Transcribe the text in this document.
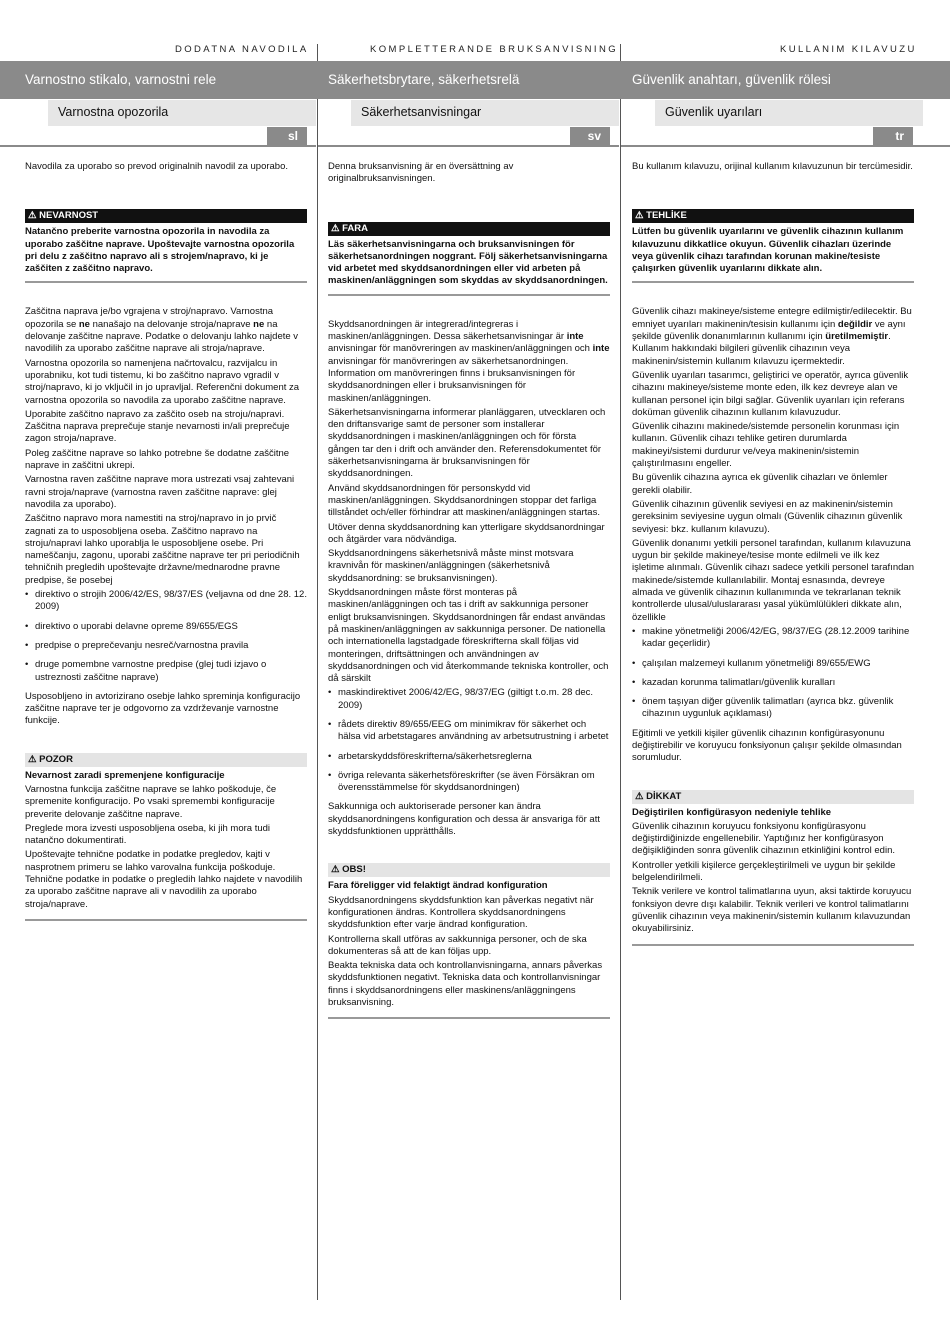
DODATNA NAVODILA	KOMPLETTERANDE BRUKSANVISNING	KULLANIM KILAVUZU
Varnostno stikalo, varnostni rele	Säkerhetsbrytare, säkerhetsrelä	Güvenlik anahtarı, güvenlik rölesi
Varnostna opozorila	Säkerhetsanvisningar	Güvenlik uyarıları
sl	sv	tr

Navodila za uporabo so prevod originalnih navodil za uporabo.

⚠ NEVARNOST
Natančno preberite varnostna opozorila in navodila za uporabo zaščitne naprave. Upoštevajte varnostna opozorila pri delu z zaščitno napravo ali s strojem/napravo, ki je zaščiten z zaščitno napravo.

Zaščitna naprava je/bo vgrajena v stroj/napravo. Varnostna opozorila se ne nanašajo na delovanje stroja/naprave ne na delovanje zaščitne naprave. Podatke o delovanju lahko najdete v navodilih za uporabo zaščitne naprave ali stroja/naprave.

Varnostna opozorila so namenjena načrtovalcu, razvijalcu in uporabniku, kot tudi tistemu, ki bo zaščitno napravo vgradil v stroj/napravo, ki jo vključil in jo upravljal. Referenčni dokument za varnostna opozorila so navodila za uporabo zaščitne naprave.

Uporabite zaščitno napravo za zaščito oseb na stroju/napravi. Zaščitna naprava preprečuje stanje nevarnosti in/ali preprečuje zagon stroja/naprave.

Poleg zaščitne naprave so lahko potrebne še dodatne zaščitne naprave in zaščitni ukrepi.

Varnostna raven zaščitne naprave mora ustrezati vsaj zahtevani ravni stroja/naprave (varnostna raven zaščitne naprave: glej navodila za uporabo).

Zaščitno napravo mora namestiti na stroj/napravo in jo prvič zagnati za to usposobljena oseba. Zaščitno napravo na stroju/napravi lahko uporablja le usposobljene osebe. Pri nameščanju, zagonu, uporabi zaščitne naprave ter pri periodičnih tehničnih pregledih upoštevajte državne/mednarodne pravne predpise, še posebej

• direktivo o strojih 2006/42/ES, 98/37/ES (veljavna od dne 28. 12. 2009)
• direktivo o uporabi delavne opreme 89/655/EGS
• predpise o preprečevanju nesreč/varnostna pravila
• druge pomembne varnostne predpise (glej tudi izjavo o ustreznosti zaščitne naprave)

Usposobljeno in avtorizirano osebje lahko spreminja konfiguracijo zaščitne naprave ter je odgovorno za vzdrževanje varnostne funkcije.

⚠ POZOR
Nevarnost zaradi spremenjene konfiguracije

Varnostna funkcija zaščitne naprave se lahko poškoduje, če spremenite konfiguracijo. Po vsaki spremembi konfiguracije preverite delovanje zaščitne naprave.

Preglede mora izvesti usposobljena oseba, ki jih mora tudi natančno dokumentirati.

Upoštevajte tehnične podatke in podatke pregledov, kajti v nasprotnem primeru se lahko varovalna funkcija poškoduje. Tehnične podatke in podatke o pregledih lahko najdete v navodilih za uporabo zaščitne naprave ali v navodilih za uporabo stroja/naprave.

Denna bruksanvisning är en översättning av originalbruksanvisningen.

⚠ FARA
Läs säkerhetsanvisningarna och bruksanvisningen för säkerhetsanordningen noggrant. Följ säkerhetsanvisningarna vid arbetet med skyddsanordningen eller vid arbeten på maskinen/anläggningen som skyddas av skyddsanordningen.

Skyddsanordningen är integrerad/integreras i maskinen/anläggningen. Dessa säkerhetsanvisningar är inte anvisningar för manövreringen av maskinen/anläggningen och inte anvisningar för manövreringen av säkerhetsanordningen. Information om manövreringen finns i bruksanvisningen för skyddsanordningen eller i bruksanvisningen för maskinen/anläggningen.

Säkerhetsanvisningarna informerar planläggaren, utvecklaren och den driftansvarige samt de personer som installerar skyddsanordningen i maskinen/anläggningen och för första gången tar den i drift och använder den. Referensdokumentet för säkerhetsanvisningarna är bruksanvisningen för skyddsanordningen.

Använd skyddsanordningen för personskydd vid maskinen/anläggningen. Skyddsanordningen stoppar det farliga tillståndet och/eller förhindrar att maskinen/anläggningen startas.

Utöver denna skyddsanordning kan ytterligare skyddsanordningar och åtgärder vara nödvändiga.

Skyddsanordningens säkerhetsnivå måste minst motsvara kravnivån för maskinen/anläggningen (säkerhetsnivå skyddsanordning: se bruksanvisningen).

Skyddsanordningen måste först monteras på maskinen/anläggningen och tas i drift av sakkunniga personer enligt bruksanvisningen. Skyddsanordningen får endast användas på maskinen/anläggningen av sakkunniga personer. De nationella och internationella lagstadgade föreskrifterna skall följas vid monteringen, driftsättningen och användningen av skyddsanordningen och vid återkommande tekniska kontroller, och då särskilt

• maskindirektivet 2006/42/EG, 98/37/EG (giltigt t.o.m. 28 dec. 2009)
• rådets direktiv 89/655/EEG om minimikrav för säkerhet och hälsa vid arbetstagares användning av arbetsutrustning i arbetet
• arbetarskyddsföreskrifterna/säkerhetsreglerna
• övriga relevanta säkerhetsföreskrifter (se även Försäkran om överensstämmelse för skyddsanordningen)

Sakkunniga och auktoriserade personer kan ändra skyddsanordningens konfiguration och dessa är ansvariga för att skyddsfunktionen upprätthålls.

⚠ OBS!
Fara föreligger vid felaktigt ändrad konfiguration

Skyddsanordningens skyddsfunktion kan påverkas negativt när konfigurationen ändras. Kontrollera skyddsanordningens skyddsfunktion efter varje ändrad konfiguration.

Kontrollerna skall utföras av sakkunniga personer, och de ska dokumenteras så att de kan följas upp.

Beakta tekniska data och kontrollanvisningarna, annars påverkas skyddsfunktionen negativt. Tekniska data och kontrollanvisningar finns i skyddsanordningens eller maskinens/anläggningens bruksanvisning.

Bu kullanım kılavuzu, orijinal kullanım kılavuzunun bir tercümesidir.

⚠ TEHLİKE
Lütfen bu güvenlik uyarılarını ve güvenlik cihazının kullanım kılavuzunu dikkatlice okuyun. Güvenlik cihazları üzerinde veya güvenlik cihazı tarafından korunan makine/tesiste çalışırken güvenlik uyarılarını dikkate alın.

Güvenlik cihazı makineye/sisteme entegre edilmiştir/edilecektir. Bu emniyet uyarıları makinenin/tesisin kullanımı için değildir ve aynı şekilde güvenlik donanımlarının kullanımı için üretilmemiştir. Kullanım hakkındaki bilgileri güvenlik cihazının veya makinenin/sistemin kullanım kılavuzu içermektedir.

Güvenlik uyarıları tasarımcı, geliştirici ve operatör, ayrıca güvenlik cihazını makineye/sisteme monte eden, ilk kez devreye alan ve kullanan personel için bilgi sağlar. Güvenlik uyarıları için referans doküman güvenlik cihazının kullanım kılavuzudur.

Güvenlik cihazını makinede/sistemde personelin korunması için kullanın. Güvenlik cihazı tehlike getiren durumlarda makineyi/sistemi durdurur ve/veya makinenin/sistemin çalıştırılmasını engeller.

Bu güvenlik cihazına ayrıca ek güvenlik cihazları ve önlemler gerekli olabilir.

Güvenlik cihazının güvenlik seviyesi en az makinenin/sistemin gereksinim seviyesine uygun olmalı (Güvenlik cihazının güvenlik seviyesi: bkz. kullanım kılavuzu).

Güvenlik donanımı yetkili personel tarafından, kullanım kılavuzuna uygun bir şekilde makineye/tesise monte edilmeli ve ilk kez işletime alınmalı. Güvenlik cihazı sadece yetkili personel tarafından makinede/sistemde kullanılabilir. Montaj esnasında, devreye almada ve güvenlik cihazının kullanımında ve tekrarlanan teknik kontrollerde ulusal/uluslararası yasal yükümlülükleri dikkate alın, özellikle

• makine yönetmeliği 2006/42/EG, 98/37/EG (28.12.2009 tarihine kadar geçerlidir)
• çalışılan malzemeyi kullanım yönetmeliği 89/655/EWG
• kazadan korunma talimatları/güvenlik kuralları
• önem taşıyan diğer güvenlik talimatları (ayrıca bkz. güvenlik cihazının uygunluk açıklaması)

Eğitimli ve yetkili kişiler güvenlik cihazının konfigürasyonunu değiştirebilir ve koruyucu fonksiyonun çalışır şekilde olmasından sorumludur.

⚠ DİKKAT
Değiştirilen konfigürasyon nedeniyle tehlike

Güvenlik cihazının koruyucu fonksiyonu konfigürasyonu değiştirdiğinizde engellenebilir. Yaptığınız her konfigürasyon değişikliğinden sonra güvenlik cihazının etkinliğini kontrol edin.

Kontroller yetkili kişilerce gerçekleştirilmeli ve uygun bir şekilde belgelendirilmeli.

Teknik verilere ve kontrol talimatlarına uyun, aksi taktirde koruyucu fonksiyon devre dışı kalabilir. Teknik verileri ve kontrol talimatlarını güvenlik cihazının veya makinenin/sistemin kullanım kılavuzundan okuyabilirsiniz.
